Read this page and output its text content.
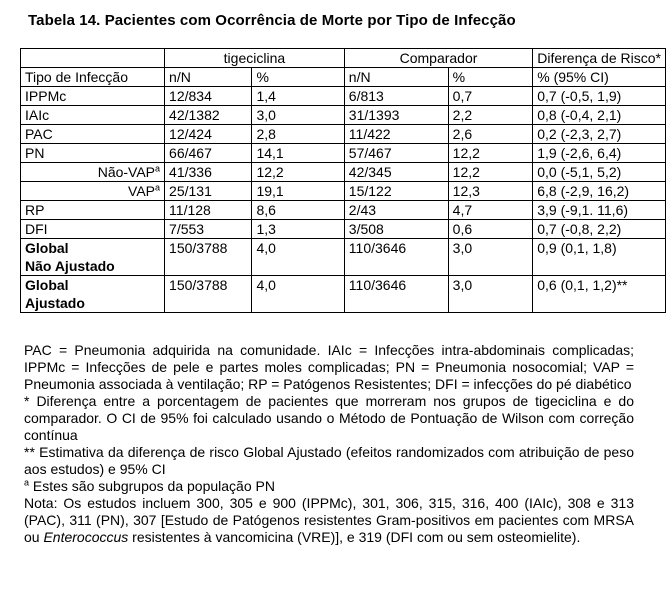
Tabela 14. Pacientes com Ocorrência de Morte por Tipo de Infecção
	tigeciclina		Comparador		Diferença de Risco*
Tipo de Infecção	n/N	%	n/N	%	% (95% CI)
IPPMc	12/834	1,4	6/813	0,7	0,7 (-0,5, 1,9)
IAIc	42/1382	3,0	31/1393	2,2	0,8 (-0,4, 2,1)
PAC	12/424	2,8	11/422	2,6	0,2 (-2,3, 2,7)
PN	66/467	14,1	57/467	12,2	1,9 (-2,6, 6,4)
Não-VAP$^a$	41/336	12,2	42/345	12,2	0,0 (-5,1, 5,2)
VAP$^a$	25/131	19,1	15/122	12,3	6,8 (-2,9, 16,2)
RP	11/128	8,6	2/43	4,7	3,9 (-9,1. 11,6)
DFI	7/553	1,3	3/508	0,6	0,7 (-0,8, 2,2)
Global
Não Ajustado	150/3788	4,0	110/3646	3,0	0,9 (0,1, 1,8)
Global
Ajustado	150/3788	4,0	110/3646	3,0	0,6 (0,1, 1,2)**

PAC = Pneumonia adquirida na comunidade. IAIc = Infecções intra-abdominais complicadas; IPPMc = Infecções de pele e partes moles complicadas; PN = Pneumonia nosocomial; VAP = Pneumonia associada à ventilação; RP = Patógenos Resistentes; DFI = infecções do pé diabético

* Diferença entre a porcentagem de pacientes que morreram nos grupos de tigeciclina e do comparador. O CI de 95% foi calculado usando o Método de Pontuação de Wilson com correção contínua

** Estimativa da diferença de risco Global Ajustado (efeitos randomizados com atribuição de peso aos estudos) e 95% CI

$^a$ Estes são subgrupos da população PN

Nota: Os estudos incluem 300, 305 e 900 (IPPMc), 301, 306, 315, 316, 400 (IAIc), 308 e 313 (PAC), 311 (PN), 307 [Estudo de Patógenos resistentes Gram-positivos em pacientes com MRSA ou Enterococcus resistentes à vancomicina (VRE)], e 319 (DFI com ou sem osteomielite).
